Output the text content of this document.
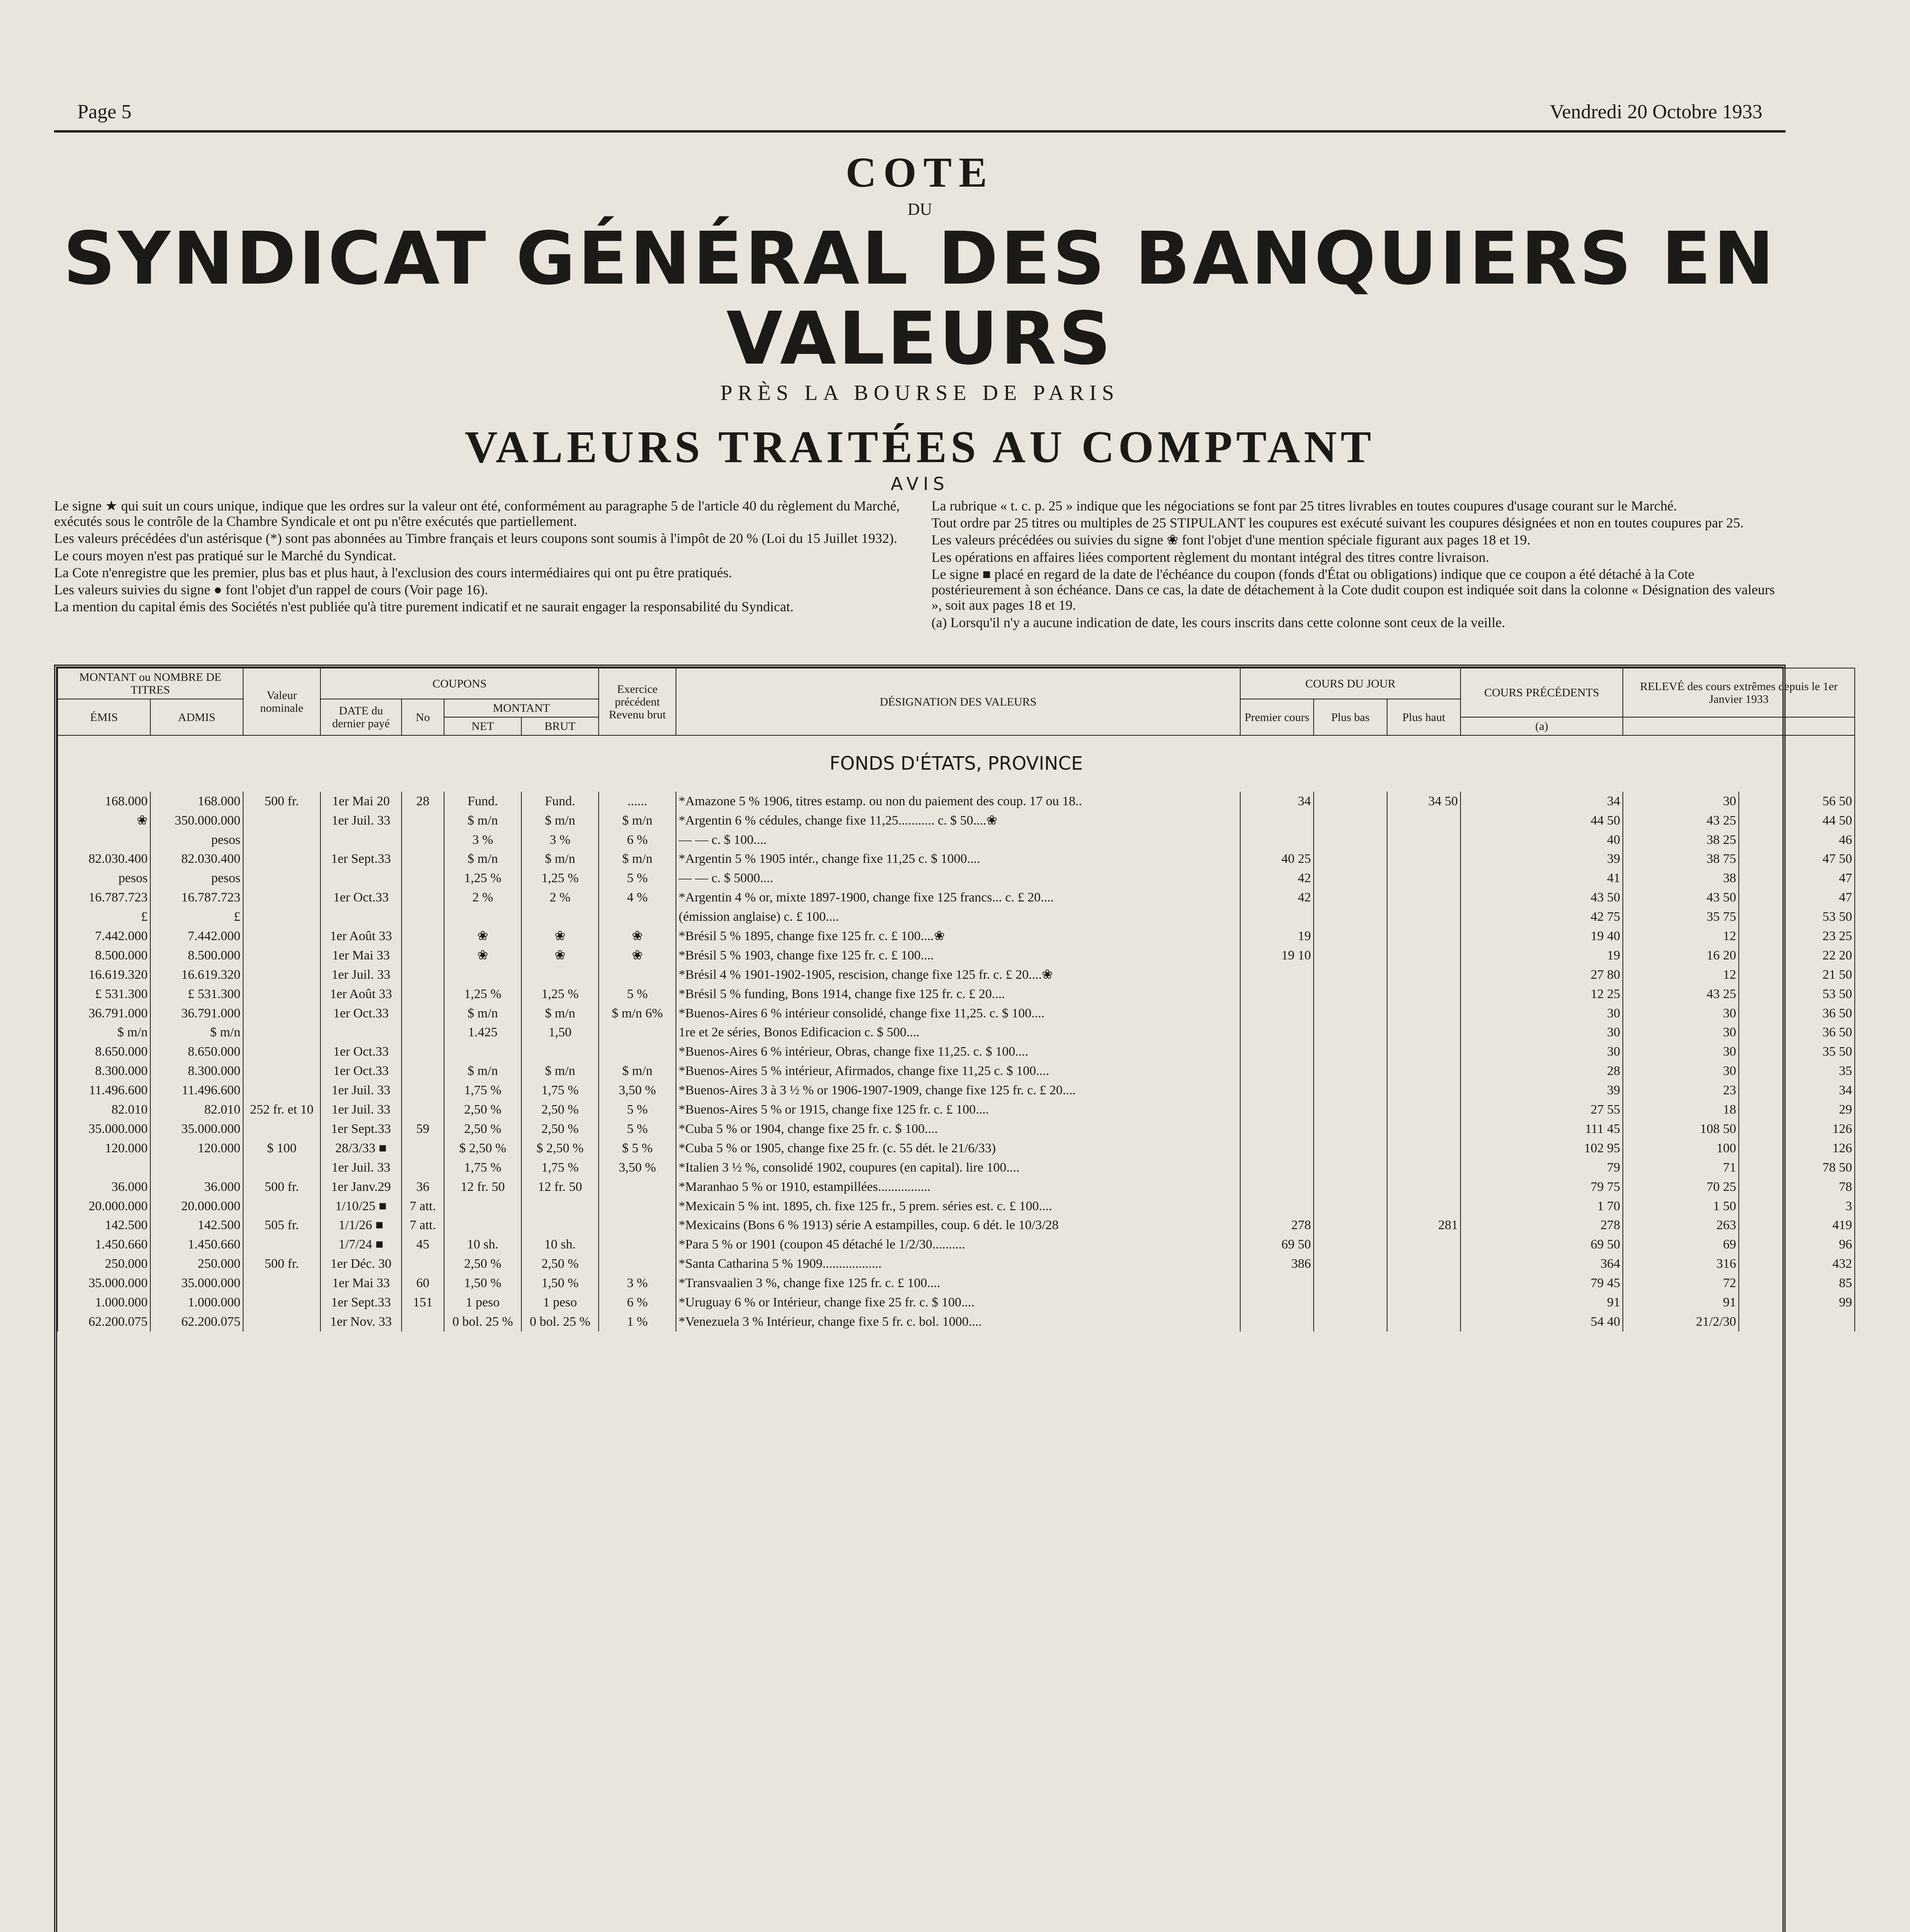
Page 5	Vendredi 20 Octobre 1933
COTE
DU
SYNDICAT GÉNÉRAL DES BANQUIERS EN VALEURS
PRÈS LA BOURSE DE PARIS
VALEURS TRAITÉES AU COMPTANT
AVIS

Le signe ★ qui suit un cours unique, indique que les ordres sur la valeur ont été, conformément au paragraphe 5 de l'article 40 du règlement du Marché, exécutés sous le contrôle de la Chambre Syndicale et ont pu n'être exécutés que partiellement.

Les valeurs précédées d'un astérisque (*) sont pas abonnées au Timbre français et leurs coupons sont soumis à l'impôt de 20 % (Loi du 15 Juillet 1932).

Le cours moyen n'est pas pratiqué sur le Marché du Syndicat.

La Cote n'enregistre que les premier, plus bas et plus haut, à l'exclusion des cours intermédiaires qui ont pu être pratiqués.

Les valeurs suivies du signe ● font l'objet d'un rappel de cours (Voir page 16).

La mention du capital émis des Sociétés n'est publiée qu'à titre purement indicatif et ne saurait engager la responsabilité du Syndicat.

La rubrique « t. c. p. 25 » indique que les négociations se font par 25 titres livrables en toutes coupures d'usage courant sur le Marché.

Tout ordre par 25 titres ou multiples de 25 STIPULANT les coupures est exécuté suivant les coupures désignées et non en toutes coupures par 25.

Les valeurs précédées ou suivies du signe ❀ font l'objet d'une mention spéciale figurant aux pages 18 et 19.

Les opérations en affaires liées comportent règlement du montant intégral des titres contre livraison.

Le signe ■ placé en regard de la date de l'échéance du coupon (fonds d'État ou obligations) indique que ce coupon a été détaché à la Cote postérieurement à son échéance. Dans ce cas, la date de détachement à la Cote dudit coupon est indiquée soit dans la colonne « Désignation des valeurs », soit aux pages 18 et 19.

(a) Lorsqu'il n'y a aucune indication de date, les cours inscrits dans cette colonne sont ceux de la veille.

MONTANT ou NOMBRE DE TITRES		Valeur nominale	COUPONS				Exercice précédent Revenu brut	DÉSIGNATION DES VALEURS	COURS DU JOUR			COURS PRÉCÉDENTS	RELEVÉ des cours extrêmes depuis le 1er Janvier 1933	
ÉMIS	ADMIS		DATE du dernier payé	No	MONTANT				Premier cours	Plus bas	Plus haut			
					NET	BRUT						(a)		
FONDS D'ÉTATS, PROVINCE														
168.000	168.000	500 fr.	1er Mai 20	28	Fund.	Fund.	......	*Amazone 5 % 1906, titres estamp. ou non du paiement des coup. 17 ou 18..	34		34 50	34	30	56 50
❀	350.000.000		1er Juil. 33		$ m/n	$ m/n	$ m/n	*Argentin 6 % cédules, change fixe 11,25........... c. $ 50....❀				44 50	43 25	44 50
	pesos				3 %	3 %	6 %	— — c. $ 100....				40	38 25	46
82.030.400	82.030.400		1er Sept.33		$ m/n	$ m/n	$ m/n	*Argentin 5 % 1905 intér., change fixe 11,25 c. $ 1000....	40 25			39	38 75	47 50
pesos	pesos				1,25 %	1,25 %	5 %	— — c. $ 5000....	42			41	38	47
16.787.723	16.787.723		1er Oct.33		2 %	2 %	4 %	*Argentin 4 % or, mixte 1897-1900, change fixe 125 francs... c. £ 20....	42			43 50	43 50	47
£	£							(émission anglaise) c. £ 100....				42 75	35 75	53 50
7.442.000	7.442.000		1er Août 33		❀	❀	❀	*Brésil 5 % 1895, change fixe 125 fr. c. £ 100....❀	19			19 40	12	23 25
8.500.000	8.500.000		1er Mai 33		❀	❀	❀	*Brésil 5 % 1903, change fixe 125 fr. c. £ 100....	19 10			19	16 20	22 20
16.619.320	16.619.320		1er Juil. 33					*Brésil 4 % 1901-1902-1905, rescision, change fixe 125 fr. c. £ 20....❀				27 80	12	21 50
£ 531.300	£ 531.300		1er Août 33		1,25 %	1,25 %	5 %	*Brésil 5 % funding, Bons 1914, change fixe 125 fr. c. £ 20....				12 25	43 25	53 50
36.791.000	36.791.000		1er Oct.33		$ m/n	$ m/n	$ m/n 6%	*Buenos-Aires 6 % intérieur consolidé, change fixe 11,25. c. $ 100....				30	30	36 50
$ m/n	$ m/n				1.425	1,50		1re et 2e séries, Bonos Edificacion c. $ 500....				30	30	36 50
8.650.000	8.650.000		1er Oct.33					*Buenos-Aires 6 % intérieur, Obras, change fixe 11,25. c. $ 100....				30	30	35 50
8.300.000	8.300.000		1er Oct.33		$ m/n	$ m/n	$ m/n	*Buenos-Aires 5 % intérieur, Afirmados, change fixe 11,25 c. $ 100....				28	30	35
11.496.600	11.496.600		1er Juil. 33		1,75 %	1,75 %	3,50 %	*Buenos-Aires 3 à 3 ½ % or 1906-1907-1909, change fixe 125 fr. c. £ 20....				39	23	34
82.010	82.010	252 fr. et 10	1er Juil. 33		2,50 %	2,50 %	5 %	*Buenos-Aires 5 % or 1915, change fixe 125 fr. c. £ 100....				27 55	18	29
35.000.000	35.000.000		1er Sept.33	59	2,50 %	2,50 %	5 %	*Cuba 5 % or 1904, change fixe 25 fr. c. $ 100....				111 45	108 50	126
120.000	120.000	$ 100	28/3/33 ■		$ 2,50 %	$ 2,50 %	$ 5 %	*Cuba 5 % or 1905, change fixe 25 fr. (c. 55 dét. le 21/6/33)				102 95	100	126
			1er Juil. 33		1,75 %	1,75 %	3,50 %	*Italien 3 ½ %, consolidé 1902, coupures (en capital). lire 100....				79	71	78 50
36.000	36.000	500 fr.	1er Janv.29	36	12 fr. 50	12 fr. 50		*Maranhao 5 % or 1910, estampillées................				79 75	70 25	78
20.000.000	20.000.000		1/10/25 ■	7 att.				*Mexicain 5 % int. 1895, ch. fixe 125 fr., 5 prem. séries est. c. £ 100....				1 70	1 50	3
142.500	142.500	505 fr.	1/1/26 ■	7 att.				*Mexicains (Bons 6 % 1913) série A estampilles, coup. 6 dét. le 10/3/28	278		281	278	263	419
1.450.660	1.450.660		1/7/24 ■	45	10 sh.	10 sh.		*Para 5 % or 1901 (coupon 45 détaché le 1/2/30..........	69 50			69 50	69	96
250.000	250.000	500 fr.	1er Déc. 30		2,50 %	2,50 %		*Santa Catharina 5 % 1909..................	386			364	316	432
35.000.000	35.000.000		1er Mai 33	60	1,50 %	1,50 %	3 %	*Transvaalien 3 %, change fixe 125 fr. c. £ 100....				79 45	72	85
1.000.000	1.000.000		1er Sept.33	151	1 peso	1 peso	6 %	*Uruguay 6 % or Intérieur, change fixe 25 fr. c. $ 100....				91	91	99
62.200.075	62.200.075		1er Nov. 33		0 bol. 25 %	0 bol. 25 %	1 %	*Venezuela 3 % Intérieur, change fixe 5 fr. c. bol. 1000....				54 40	21/2/30	
